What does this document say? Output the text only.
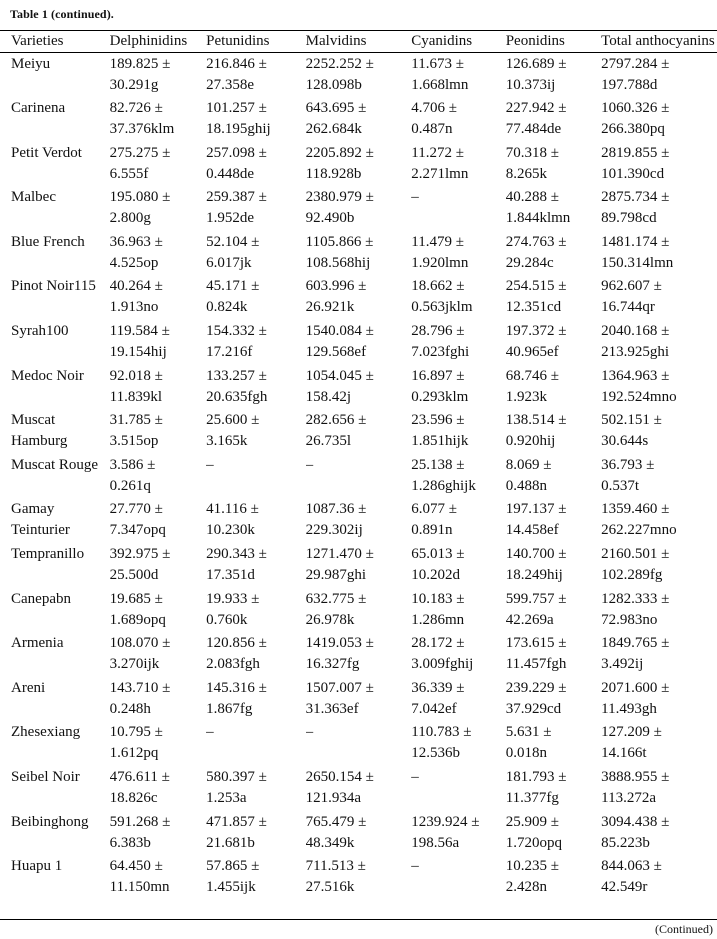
Table 1 (continued).
Varieties	Delphinidins	Petunidins	Malvidins	Cyanidins	Peonidins	Total anthocyanins

Meiyu	189.825 ±
30.291g	216.846 ±
27.358e	2252.252 ±
128.098b	11.673 ±
1.668lmn	126.689 ±
10.373ij	2797.284 ±
197.788d

Carinena	82.726 ±
37.376klm	101.257 ±
18.195ghij	643.695 ±
262.684k	4.706 ±
0.487n	227.942 ±
77.484de	1060.326 ±
266.380pq

Petit Verdot	275.275 ±
6.555f	257.098 ±
0.448de	2205.892 ±
118.928b	11.272 ±
2.271lmn	70.318 ±
8.265k	2819.855 ±
101.390cd

Malbec	195.080 ±
2.800g	259.387 ±
1.952de	2380.979 ±
92.490b	–	40.288 ±
1.844klmn	2875.734 ±
89.798cd

Blue French	36.963 ±
4.525op	52.104 ±
6.017jk	1105.866 ±
108.568hij	11.479 ±
1.920lmn	274.763 ±
29.284c	1481.174 ±
150.314lmn

Pinot Noir115	40.264 ±
1.913no	45.171 ±
0.824k	603.996 ±
26.921k	18.662 ±
0.563jklm	254.515 ±
12.351cd	962.607 ±
16.744qr

Syrah100	119.584 ±
19.154hij	154.332 ±
17.216f	1540.084 ±
129.568ef	28.796 ±
7.023fghi	197.372 ±
40.965ef	2040.168 ±
213.925ghi

Medoc Noir	92.018 ±
11.839kl	133.257 ±
20.635fgh	1054.045 ±
158.42j	16.897 ±
0.293klm	68.746 ±
1.923k	1364.963 ±
192.524mno

Muscat
Hamburg	31.785 ±
3.515op	25.600 ±
3.165k	282.656 ±
26.735l	23.596 ±
1.851hijk	138.514 ±
0.920hij	502.151 ±
30.644s

Muscat Rouge	3.586 ±
0.261q	–	–	25.138 ±
1.286ghijk	8.069 ±
0.488n	36.793 ±
0.537t

Gamay
Teinturier	27.770 ±
7.347opq	41.116 ±
10.230k	1087.36 ±
229.302ij	6.077 ±
0.891n	197.137 ±
14.458ef	1359.460 ±
262.227mno

Tempranillo	392.975 ±
25.500d	290.343 ±
17.351d	1271.470 ±
29.987ghi	65.013 ±
10.202d	140.700 ±
18.249hij	2160.501 ±
102.289fg

Canepabn	19.685 ±
1.689opq	19.933 ±
0.760k	632.775 ±
26.978k	10.183 ±
1.286mn	599.757 ±
42.269a	1282.333 ±
72.983no

Armenia	108.070 ±
3.270ijk	120.856 ±
2.083fgh	1419.053 ±
16.327fg	28.172 ±
3.009fghij	173.615 ±
11.457fgh	1849.765 ±
3.492ij

Areni	143.710 ±
0.248h	145.316 ±
1.867fg	1507.007 ±
31.363ef	36.339 ±
7.042ef	239.229 ±
37.929cd	2071.600 ±
11.493gh

Zhesexiang	10.795 ±
1.612pq	–	–	110.783 ±
12.536b	5.631 ±
0.018n	127.209 ±
14.166t

Seibel Noir	476.611 ±
18.826c	580.397 ±
1.253a	2650.154 ±
121.934a	–	181.793 ±
11.377fg	3888.955 ±
113.272a

Beibinghong	591.268 ±
6.383b	471.857 ±
21.681b	765.479 ±
48.349k	1239.924 ±
198.56a	25.909 ±
1.720opq	3094.438 ±
85.223b

Huapu 1	64.450 ±
11.150mn	57.865 ±
1.455ijk	711.513 ±
27.516k	–	10.235 ±
2.428n	844.063 ±
42.549r
(Continued)
